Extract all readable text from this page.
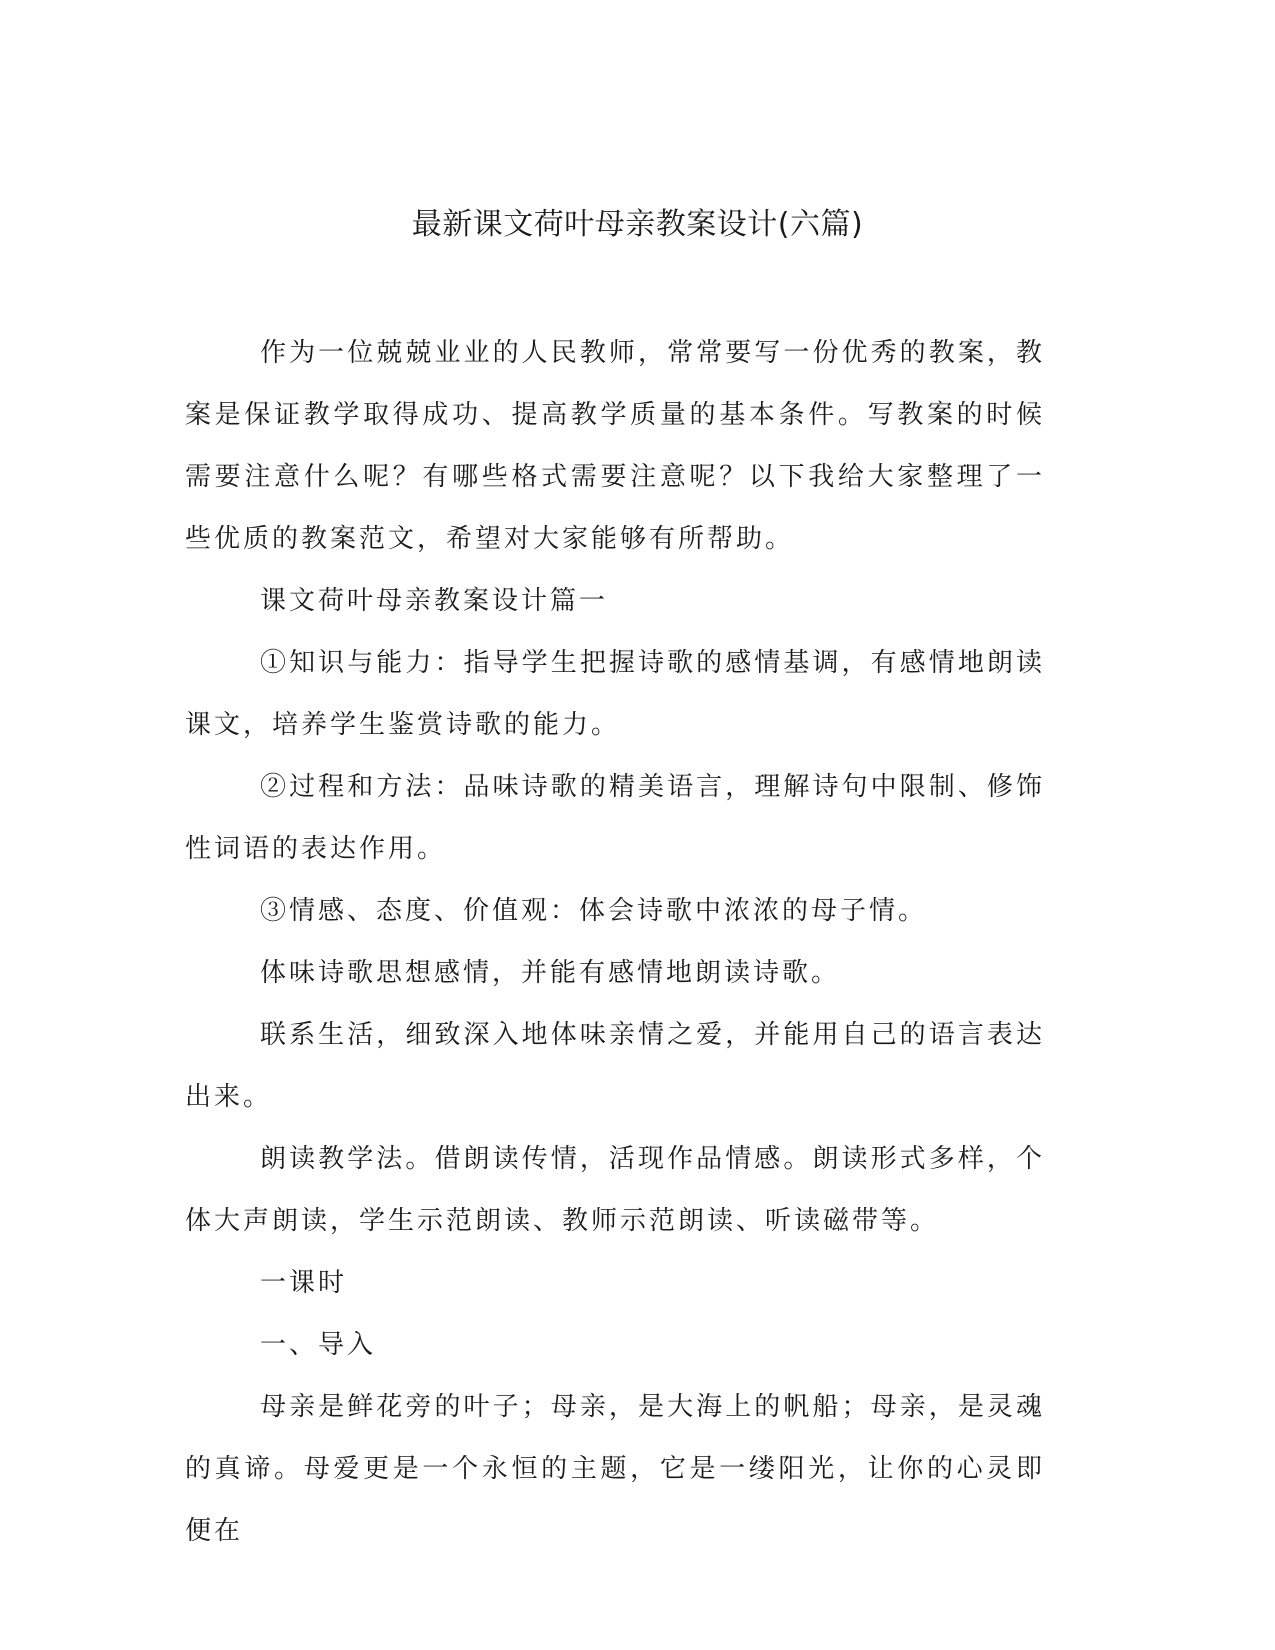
最新课文荷叶母亲教案设计(六篇)

作为一位兢兢业业的人民教师，常常要写一份优秀的教案，教案是保证教学取得成功、提高教学质量的基本条件。写教案的时候需要注意什么呢？有哪些格式需要注意呢？以下我给大家整理了一些优质的教案范文，希望对大家能够有所帮助。

课文荷叶母亲教案设计篇一

①知识与能力：指导学生把握诗歌的感情基调，有感情地朗读课文，培养学生鉴赏诗歌的能力。

②过程和方法：品味诗歌的精美语言，理解诗句中限制、修饰性词语的表达作用。

③情感、态度、价值观：体会诗歌中浓浓的母子情。

体味诗歌思想感情，并能有感情地朗读诗歌。

联系生活，细致深入地体味亲情之爱，并能用自己的语言表达出来。

朗读教学法。借朗读传情，活现作品情感。朗读形式多样，个体大声朗读，学生示范朗读、教师示范朗读、听读磁带等。

一课时

一、导入

母亲是鲜花旁的叶子；母亲，是大海上的帆船；母亲，是灵魂的真谛。母爱更是一个永恒的主题，它是一缕阳光，让你的心灵即便在
